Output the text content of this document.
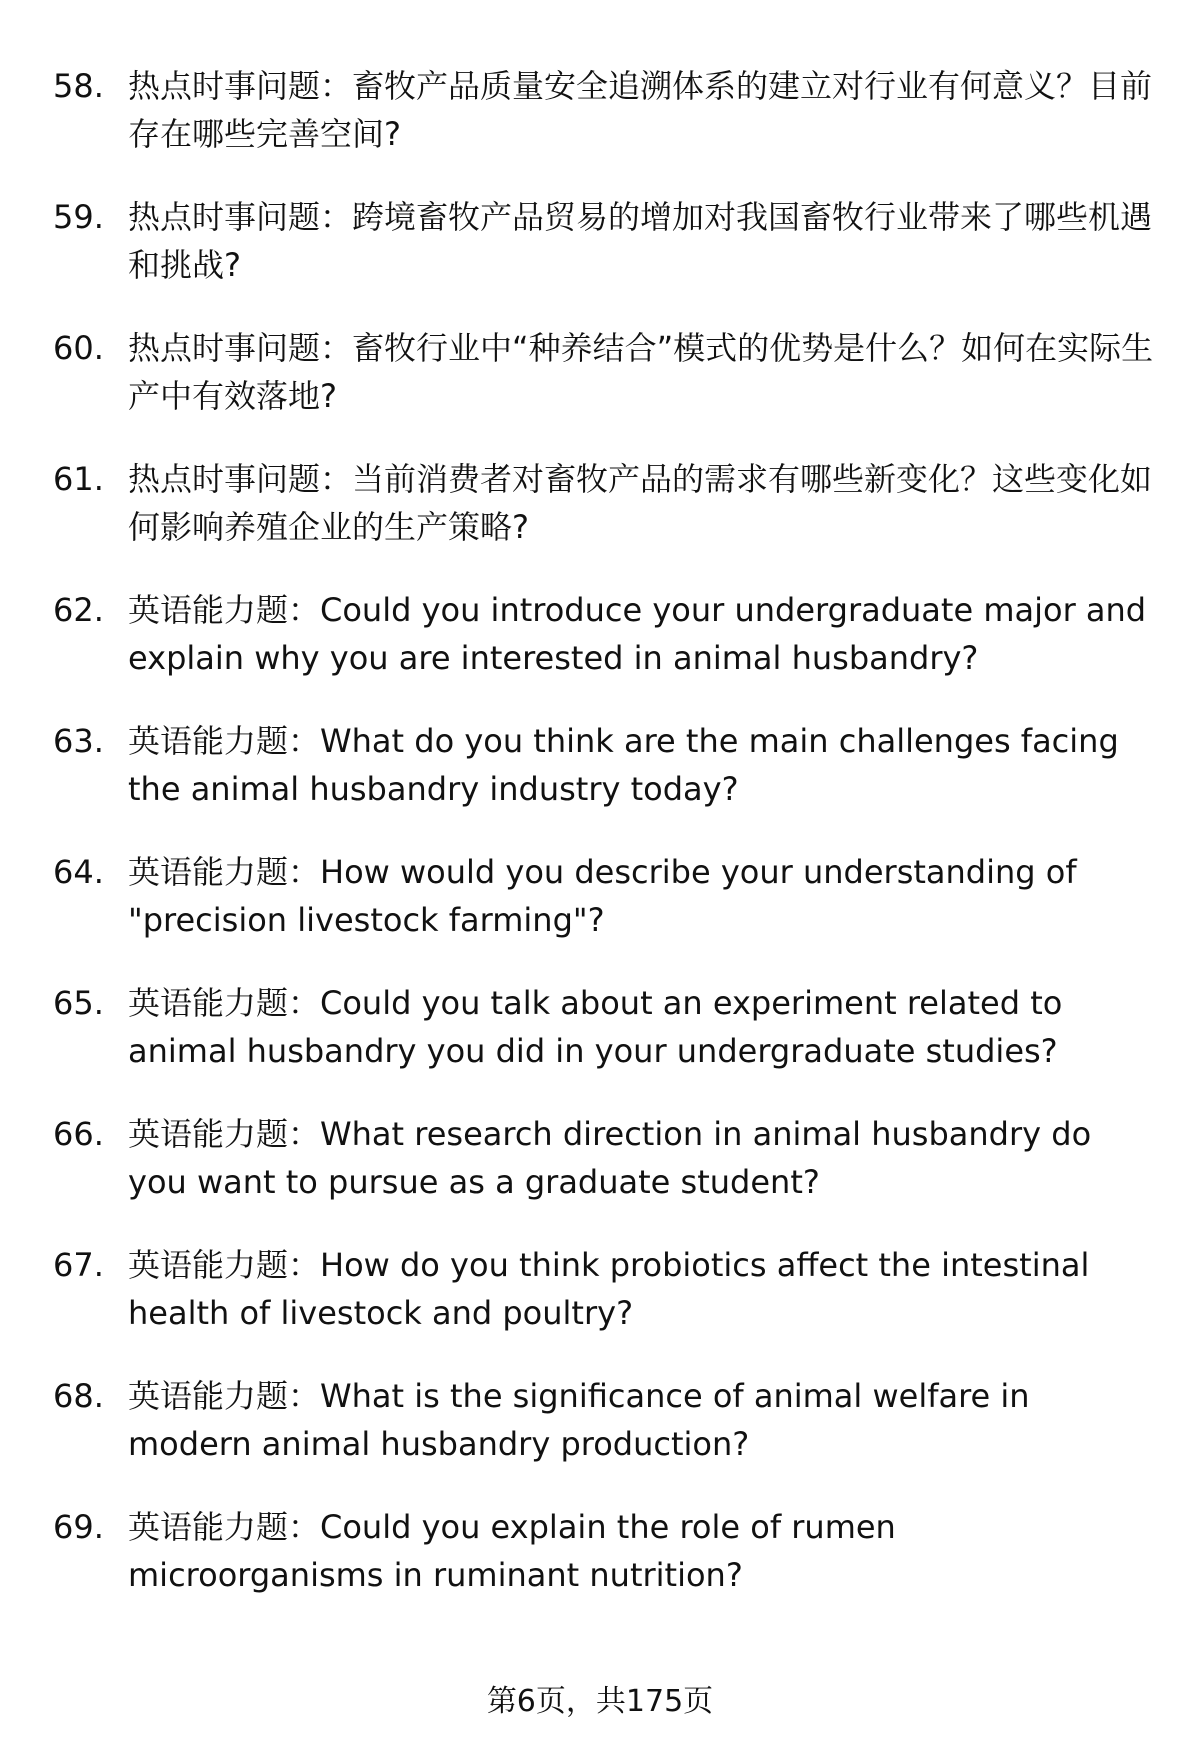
58. 热点时事问题：畜牧产品质量安全追溯体系的建立对行业有何意义？目前存在哪些完善空间?
59. 热点时事问题：跨境畜牧产品贸易的增加对我国畜牧行业带来了哪些机遇和挑战?
60. 热点时事问题：畜牧行业中“种养结合”模式的优势是什么？如何在实际生产中有效落地?
61. 热点时事问题：当前消费者对畜牧产品的需求有哪些新变化？这些变化如何影响养殖企业的生产策略?
62. 英语能力题：Could you introduce your undergraduate major and explain why you are interested in animal husbandry?
63. 英语能力题：What do you think are the main challenges facing the animal husbandry industry today?
64. 英语能力题：How would you describe your understanding of "precision livestock farming"?
65. 英语能力题：Could you talk about an experiment related to animal husbandry you did in your undergraduate studies?
66. 英语能力题：What research direction in animal husbandry do you want to pursue as a graduate student?
67. 英语能力题：How do you think probiotics affect the intestinal health of livestock and poultry?
68. 英语能力题：What is the significance of animal welfare in modern animal husbandry production?
69. 英语能力题：Could you explain the role of rumen microorganisms in ruminant nutrition?
第6页，共175页
